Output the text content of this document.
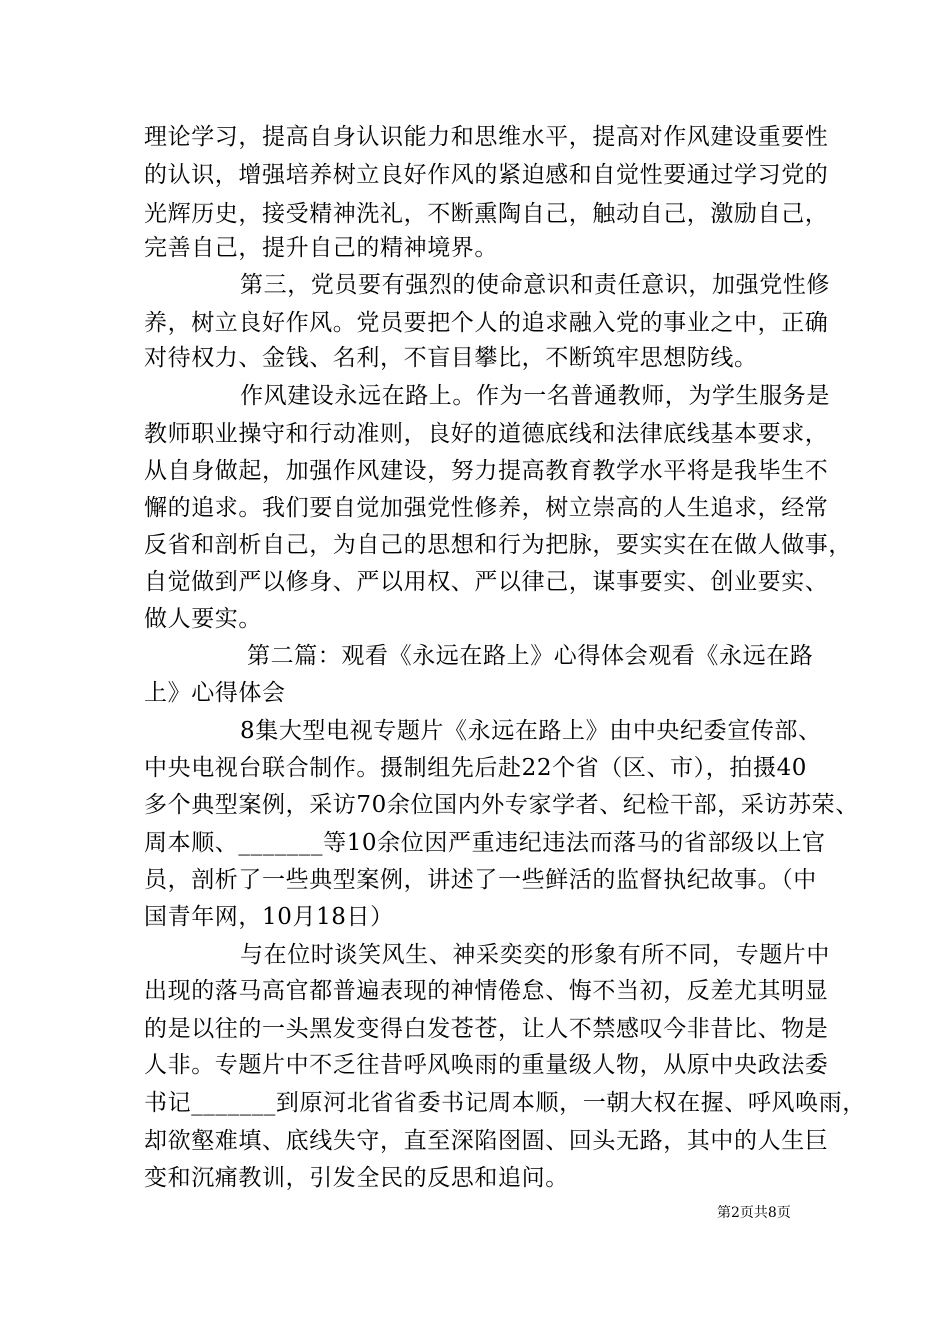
理论学习，提高自身认识能力和思维水平，提高对作风建设重要性
的认识，增强培养树立良好作风的紧迫感和自觉性要通过学习党的
光辉历史，接受精神洗礼，不断熏陶自己，触动自己，激励自己，
完善自己，提升自己的精神境界。
第三，党员要有强烈的使命意识和责任意识，加强党性修
养，树立良好作风。党员要把个人的追求融入党的事业之中，正确
对待权力、金钱、名利，不盲目攀比，不断筑牢思想防线。
作风建设永远在路上。作为一名普通教师，为学生服务是
教师职业操守和行动准则，良好的道德底线和法律底线基本要求，
从自身做起，加强作风建设，努力提高教育教学水平将是我毕生不
懈的追求。我们要自觉加强党性修养，树立崇高的人生追求，经常
反省和剖析自己，为自己的思想和行为把脉，要实实在在做人做事，
自觉做到严以修身、严以用权、严以律己，谋事要实、创业要实、
做人要实。
第二篇：观看《永远在路上》心得体会观看《永远在路
上》心得体会
8集大型电视专题片《永远在路上》由中央纪委宣传部、
中央电视台联合制作。摄制组先后赴22个省（区、市），拍摄40
多个典型案例，采访70余位国内外专家学者、纪检干部，采访苏荣、
周本顺、_______等10余位因严重违纪违法而落马的省部级以上官
员，剖析了一些典型案例，讲述了一些鲜活的监督执纪故事。（中
国青年网，10月18日）
与在位时谈笑风生、神采奕奕的形象有所不同，专题片中
出现的落马高官都普遍表现的神情倦怠、悔不当初，反差尤其明显
的是以往的一头黑发变得白发苍苍，让人不禁感叹今非昔比、物是
人非。专题片中不乏往昔呼风唤雨的重量级人物，从原中央政法委
书记_______到原河北省省委书记周本顺，一朝大权在握、呼风唤雨，
却欲壑难填、底线失守，直至深陷囹圄、回头无路，其中的人生巨
变和沉痛教训，引发全民的反思和追问。
第2页共8页
